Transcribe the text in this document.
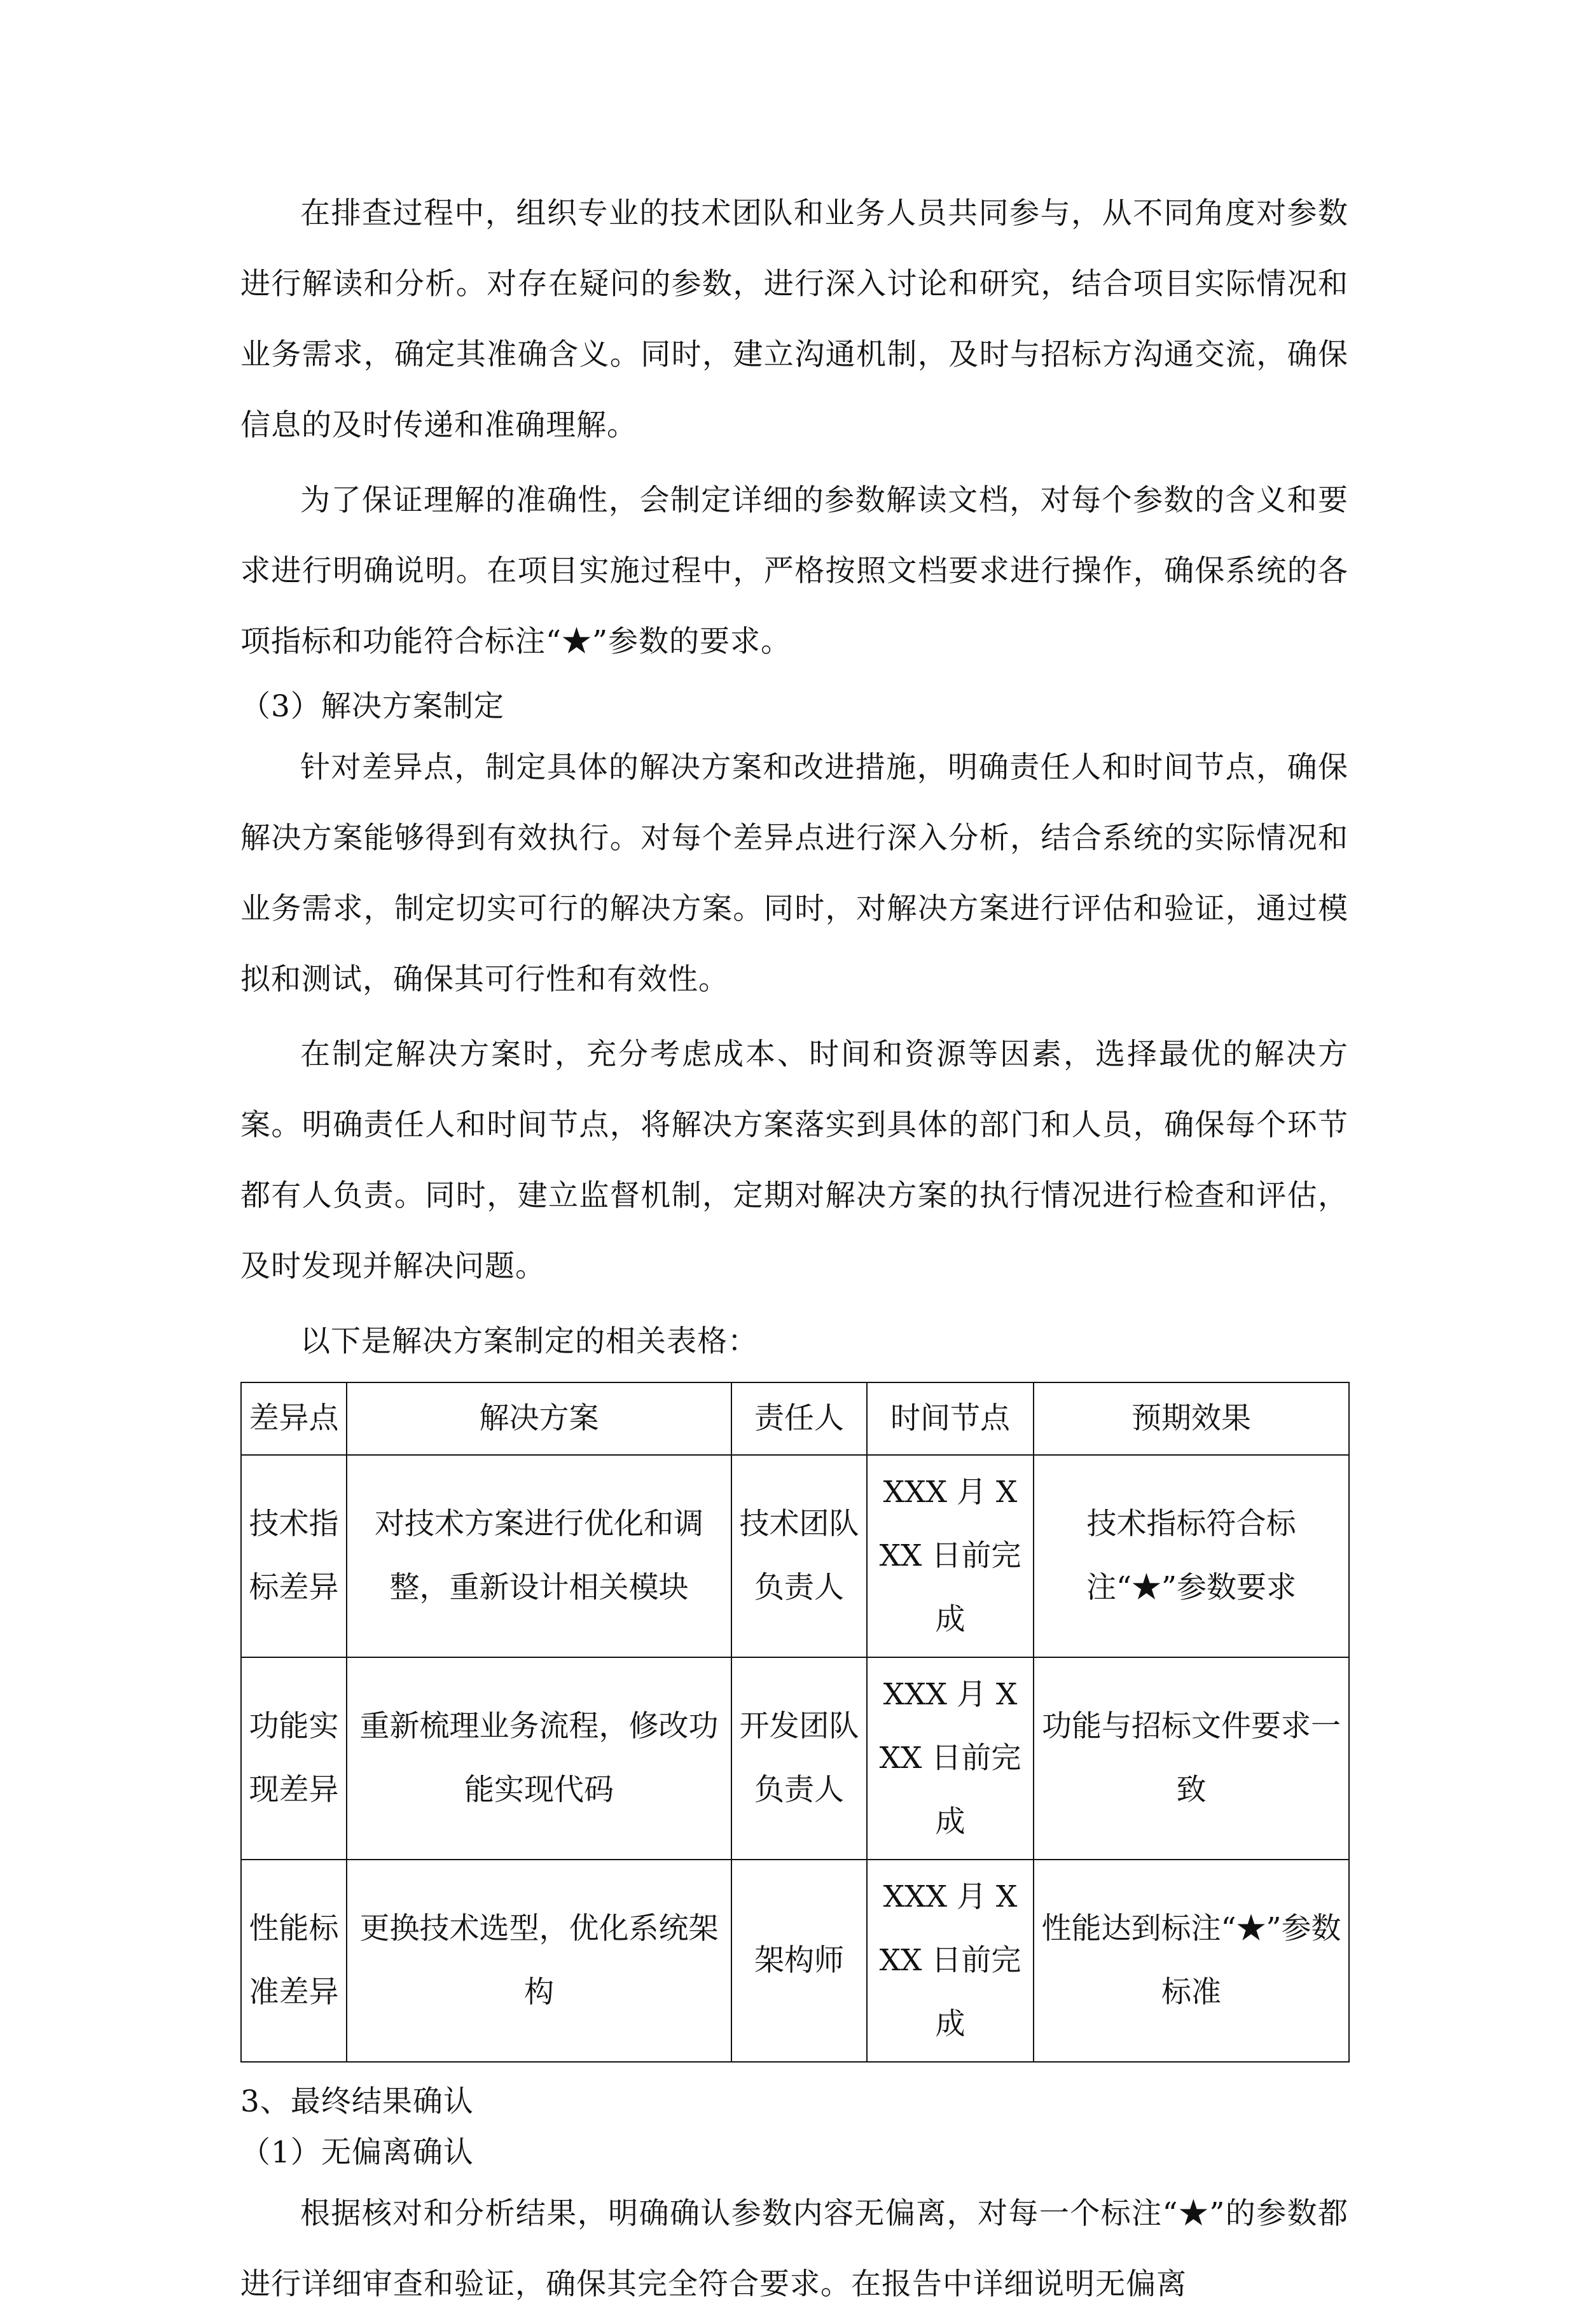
在排查过程中，组织专业的技术团队和业务人员共同参与，从不同角度对参数进行解读和分析。对存在疑问的参数，进行深入讨论和研究，结合项目实际情况和业务需求，确定其准确含义。同时，建立沟通机制，及时与招标方沟通交流，确保信息的及时传递和准确理解。

为了保证理解的准确性，会制定详细的参数解读文档，对每个参数的含义和要求进行明确说明。在项目实施过程中，严格按照文档要求进行操作，确保系统的各项指标和功能符合标注“★”参数的要求。

（3）解决方案制定

针对差异点，制定具体的解决方案和改进措施，明确责任人和时间节点，确保解决方案能够得到有效执行。对每个差异点进行深入分析，结合系统的实际情况和业务需求，制定切实可行的解决方案。同时，对解决方案进行评估和验证，通过模拟和测试，确保其可行性和有效性。

在制定解决方案时，充分考虑成本、时间和资源等因素，选择最优的解决方案。明确责任人和时间节点，将解决方案落实到具体的部门和人员，确保每个环节都有人负责。同时，建立监督机制，定期对解决方案的执行情况进行检查和评估，及时发现并解决问题。

以下是解决方案制定的相关表格：

差异点	解决方案	责任人	时间节点	预期效果
技术指标差异	对技术方案进行优化和调整，重新设计相关模块	技术团队负责人	XXX 月 XXX 日前完成	技术指标符合标注“★”参数要求
功能实现差异	重新梳理业务流程，修改功能实现代码	开发团队负责人	XXX 月 XXX 日前完成	功能与招标文件要求一致
性能标准差异	更换技术选型，优化系统架构	架构师	XXX 月 XXX 日前完成	性能达到标注“★”参数标准

3、最终结果确认

（1）无偏离确认

根据核对和分析结果，明确确认参数内容无偏离，对每一个标注“★”的参数都进行详细审查和验证，确保其完全符合要求。在报告中详细说明无偏离
